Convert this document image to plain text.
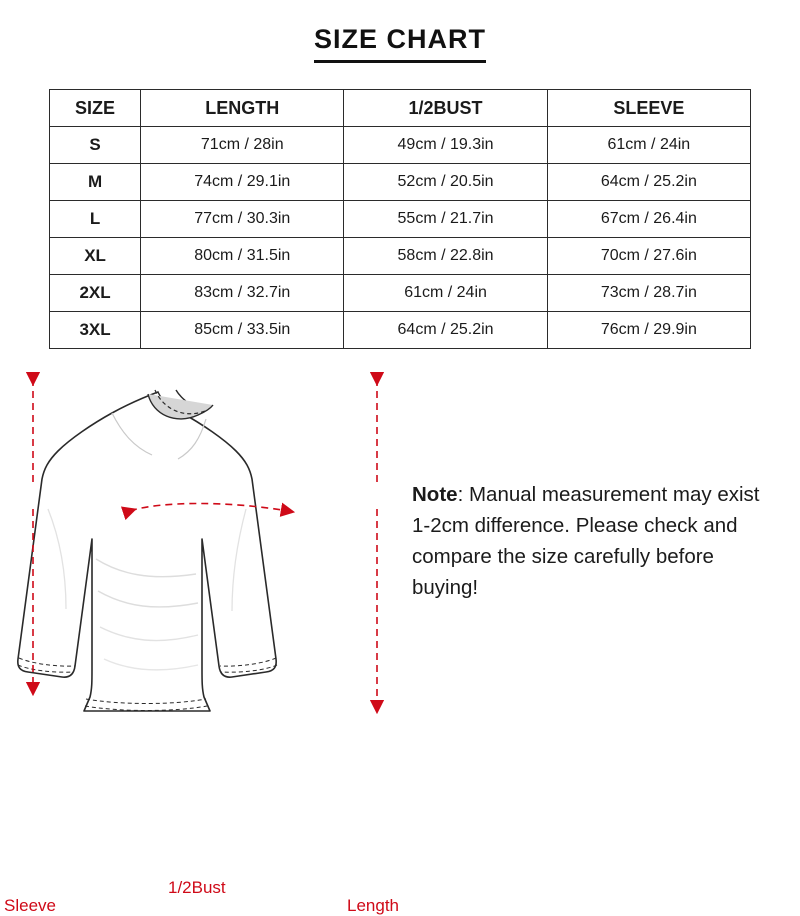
SIZE CHART
SIZE	LENGTH	1/2BUST	SLEEVE
S	71cm / 28in	49cm / 19.3in	61cm / 24in
M	74cm / 29.1in	52cm / 20.5in	64cm / 25.2in
L	77cm / 30.3in	55cm / 21.7in	67cm / 26.4in
XL	80cm / 31.5in	58cm / 22.8in	70cm / 27.6in
2XL	83cm / 32.7in	61cm / 24in	73cm / 28.7in
3XL	85cm / 33.5in	64cm / 25.2in	76cm / 29.9in
Sleeve	Length
1/2Bust
Note: Manual measurement may exist 1-2cm difference. Please check and compare the size carefully before buying!
